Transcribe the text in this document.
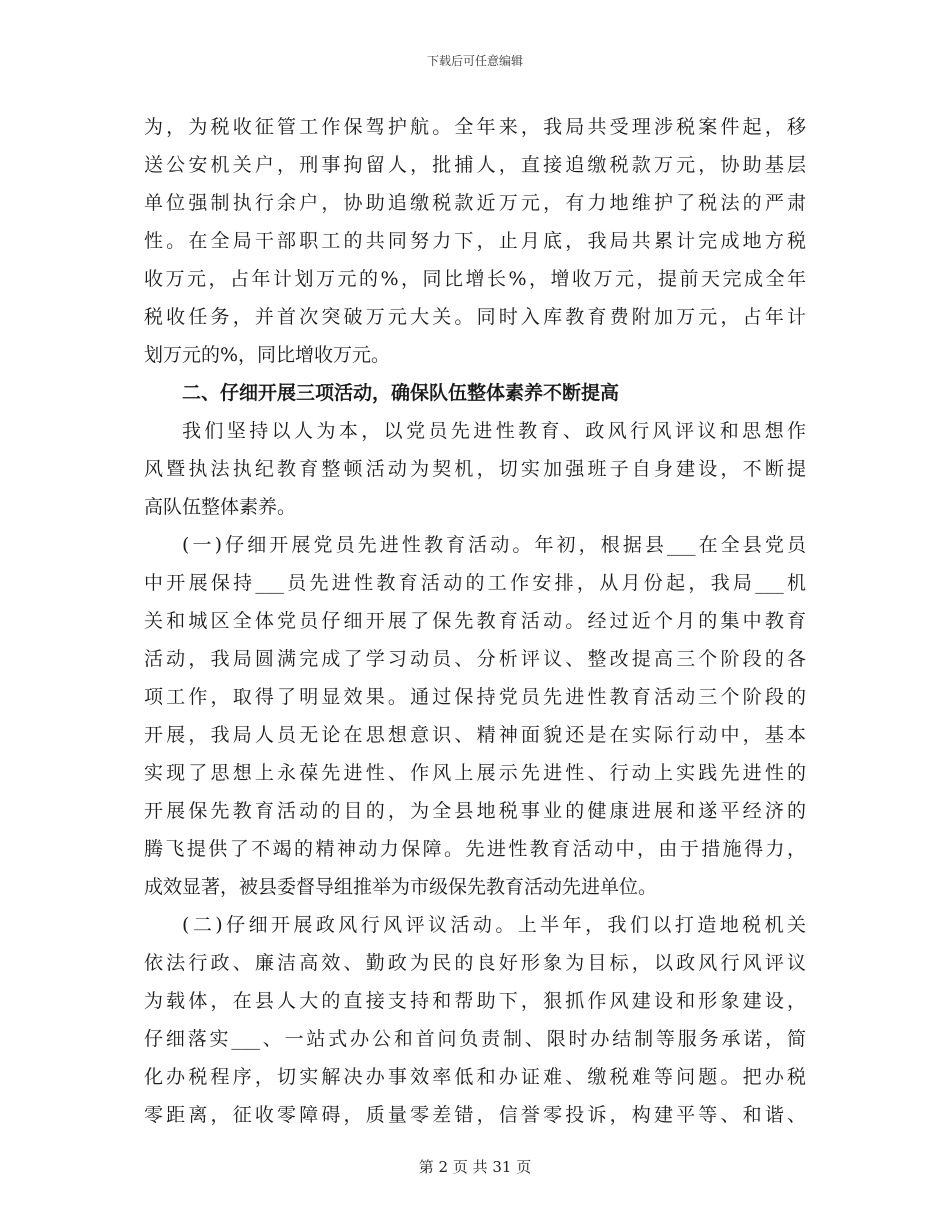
下载后可任意编辑
为，为税收征管工作保驾护航。全年来，我局共受理涉税案件起，移
送公安机关户，刑事拘留人，批捕人，直接追缴税款万元，协助基层
单位强制执行余户，协助追缴税款近万元，有力地维护了税法的严肃
性。在全局干部职工的共同努力下，止月底，我局共累计完成地方税
收万元，占年计划万元的%，同比增长%，增收万元，提前天完成全年
税收任务，并首次突破万元大关。同时入库教育费附加万元，占年计
划万元的%，同比增收万元。
二、仔细开展三项活动，确保队伍整体素养不断提高
我们坚持以人为本，以党员先进性教育、政风行风评议和思想作
风暨执法执纪教育整顿活动为契机，切实加强班子自身建设，不断提
高队伍整体素养。
(一)仔细开展党员先进性教育活动。年初，根据县___在全县党员
中开展保持___员先进性教育活动的工作安排，从月份起，我局___机
关和城区全体党员仔细开展了保先教育活动。经过近个月的集中教育
活动，我局圆满完成了学习动员、分析评议、整改提高三个阶段的各
项工作，取得了明显效果。通过保持党员先进性教育活动三个阶段的
开展，我局人员无论在思想意识、精神面貌还是在实际行动中，基本
实现了思想上永葆先进性、作风上展示先进性、行动上实践先进性的
开展保先教育活动的目的，为全县地税事业的健康进展和遂平经济的
腾飞提供了不竭的精神动力保障。先进性教育活动中，由于措施得力，
成效显著，被县委督导组推举为市级保先教育活动先进单位。
(二)仔细开展政风行风评议活动。上半年，我们以打造地税机关
依法行政、廉洁高效、勤政为民的良好形象为目标，以政风行风评议
为载体，在县人大的直接支持和帮助下，狠抓作风建设和形象建设，
仔细落实___、一站式办公和首问负责制、限时办结制等服务承诺，简
化办税程序，切实解决办事效率低和办证难、缴税难等问题。把办税
零距离，征收零障碍，质量零差错，信誉零投诉，构建平等、和谐、
第 2 页 共 31 页
